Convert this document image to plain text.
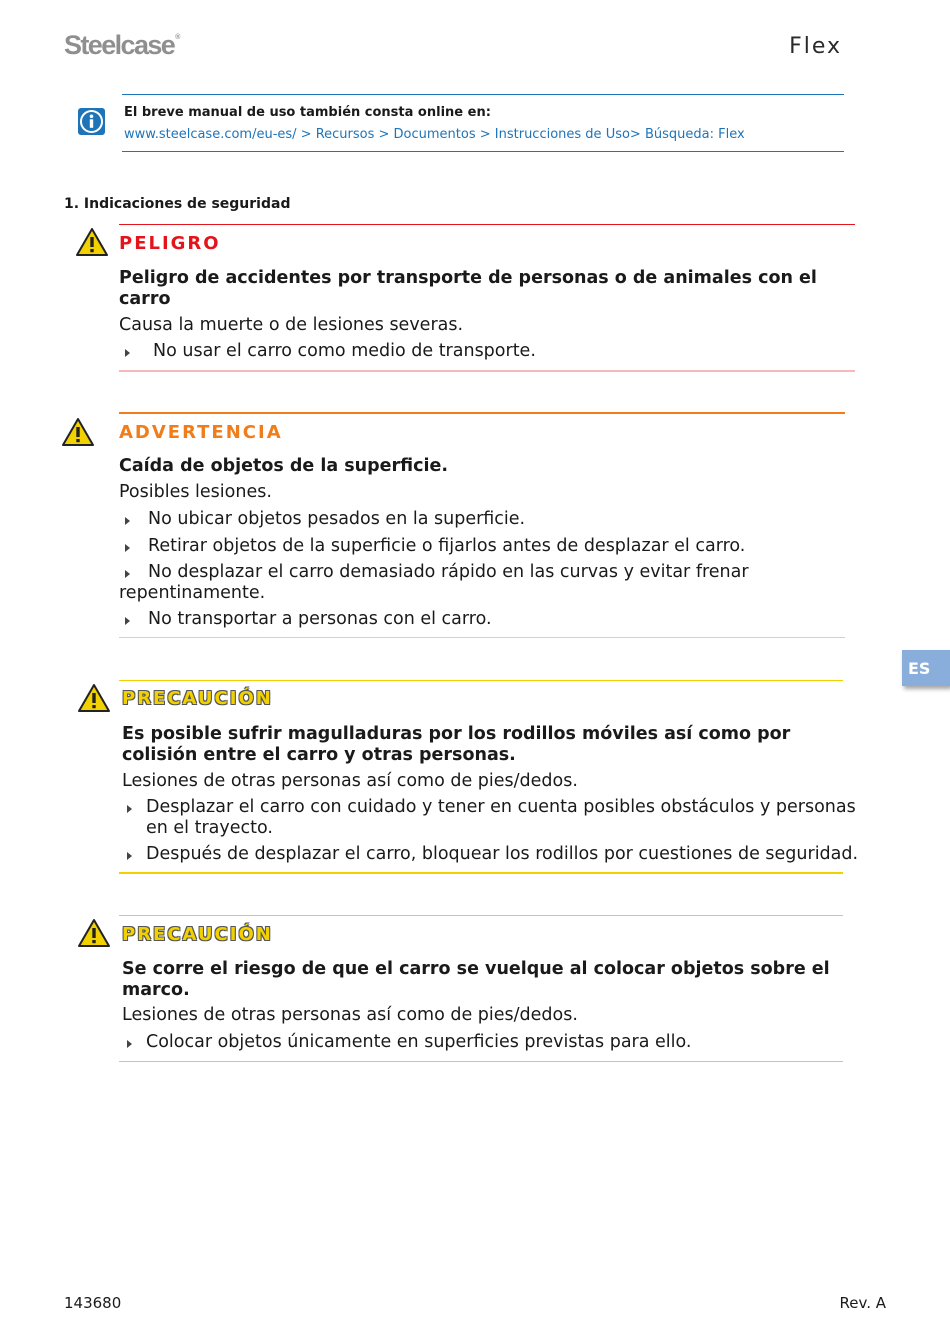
Steelcase®	Flex
El breve manual de uso también consta online en:
www.steelcase.com/eu-es/ > Recursos > Documentos > Instrucciones de Uso> Búsqueda: Flex
1. Indicaciones de seguridad
PELIGRO
Peligro de accidentes por transporte de personas o de animales con el
carro
Causa la muerte o de lesiones severas.
No usar el carro como medio de transporte.
ADVERTENCIA
Caída de objetos de la superficie.
Posibles lesiones.
No ubicar objetos pesados en la superficie.
Retirar objetos de la superficie o fijarlos antes de desplazar el carro.
No desplazar el carro demasiado rápido en las curvas y evitar frenar
repentinamente.
No transportar a personas con el carro.
PRECAUCIÓN
Es posible sufrir magulladuras por los rodillos móviles así como por
colisión entre el carro y otras personas.
Lesiones de otras personas así como de pies/dedos.
Desplazar el carro con cuidado y tener en cuenta posibles obstáculos y personas
en el trayecto.
Después de desplazar el carro, bloquear los rodillos por cuestiones de seguridad.
PRECAUCIÓN
Se corre el riesgo de que el carro se vuelque al colocar objetos sobre el
marco.
Lesiones de otras personas así como de pies/dedos.
Colocar objetos únicamente en superficies previstas para ello.
ES
143680	Rev. A
